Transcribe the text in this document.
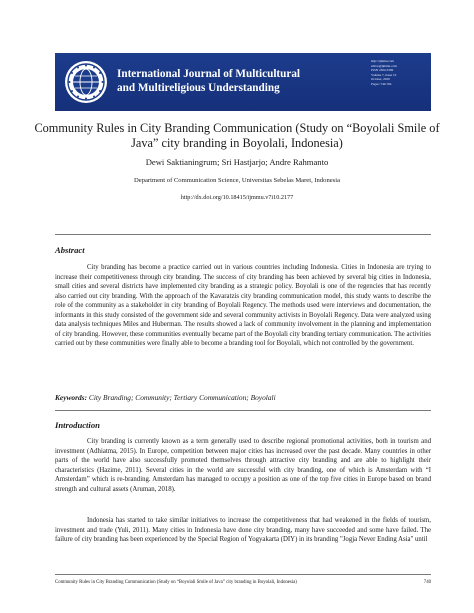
International Journal of Multicultural
and Multireligious Understanding
http://ijmmu.com
editor@ijmmu.com
ISSN 2364-5369
Volume 7, Issue 10
October, 2020
Pages: 740-764
Community Rules in City Branding Communication (Study on “Boyolali Smile of Java” city branding in Boyolali, Indonesia)
Dewi Saktianingrum; Sri Hastjarjo; Andre Rahmanto
Department of Communication Science, Universitas Sebelas Maret, Indonesia
http://dx.doi.org/10.18415/ijmmu.v7i10.2177
Abstract
City branding has become a practice carried out in various countries including Indonesia. Cities in Indonesia are trying to increase their competitiveness through city branding. The success of city branding has been achieved by several big cities in Indonesia, small cities and several districts have implemented city branding as a strategic policy. Boyolali is one of the regencies that has recently also carried out city branding. With the approach of the Kavaratzis city branding communication model, this study wants to describe the role of the community as a stakeholder in city branding of Boyolali Regency. The methods used were interviews and documentation, the informants in this study consisted of the government side and several community activists in Boyolali Regency. Data were analyzed using data analysis techniques Miles and Huberman. The results showed a lack of community involvement in the planning and implementation of city branding. However, these communities eventually became part of the Boyolali city branding tertiary communication. The activities carried out by these communities were finally able to become a branding tool for Boyolali, which not controlled by the government.
Keywords: City Branding; Community; Tertiary Communication; Boyolali
Introduction
City branding is currently known as a term generally used to describe regional promotional activities, both in tourism and investment (Adhiatma, 2015). In Europe, competition between major cities has increased over the past decade. Many countries in other parts of the world have also successfully promoted themselves through attractive city branding and are able to highlight their characteristics (Hazime, 2011). Several cities in the world are successful with city branding, one of which is Amsterdam with “I Amsterdam” which is re-branding. Amsterdam has managed to occupy a position as one of the top five cities in Europe based on brand strength and cultural assets (Aruman, 2018).
Indonesia has started to take similar initiatives to increase the competitiveness that had weakened in the fields of tourism, investment and trade (Yuli, 2011). Many cities in Indonesia have done city branding, many have succeeded and some have failed. The failure of city branding has been experienced by the Special Region of Yogyakarta (DIY) in its branding "Jogja Never Ending Asia" until
Community Rules in City Branding Communication (Study on “Boyolali Smile of Java” city branding in Boyolali, Indonesia)	740
